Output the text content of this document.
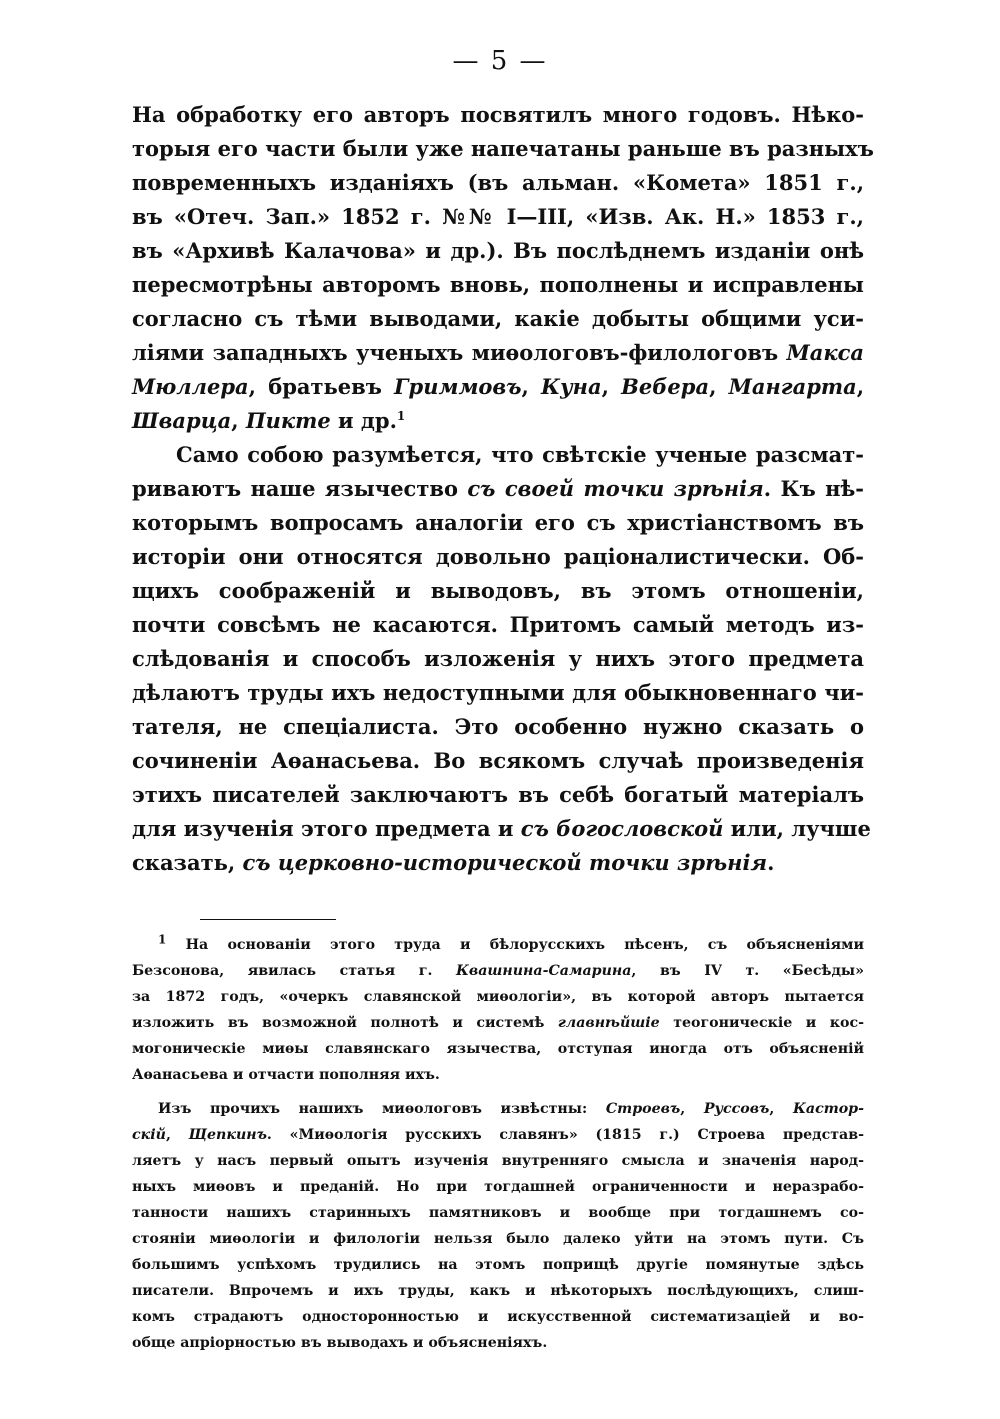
— 5 —
На обработку его авторъ посвятилъ много годовъ. Нѣко-
торыя его части были уже напечатаны раньше въ разныхъ
повременныхъ изданіяхъ (въ альман. «Комета» 1851 г.,
въ «Отеч. Зап.» 1852 г. №№ I—III, «Изв. Ак. Н.» 1853 г.,
въ «Архивѣ Калачова» и др.). Въ послѣднемъ изданіи онѣ
пересмотрѣны авторомъ вновь, пополнены и исправлены
согласно съ тѣми выводами, какіе добыты общими уси-
ліями западныхъ ученыхъ миѳологовъ-филологовъ Макса
Мюллера, братьевъ Гриммовъ, Куна, Вебера, Мангарта,
Шварца, Пикте и др.$^1$
Само собою разумѣется, что свѣтскіе ученые разсмат-
риваютъ наше язычество съ своей точки зрѣнія. Къ нѣ-
которымъ вопросамъ аналогіи его съ христіанствомъ въ
исторіи они относятся довольно раціоналистически. Об-
щихъ соображеній и выводовъ, въ этомъ отношеніи,
почти совсѣмъ не касаются. Притомъ самый методъ из-
слѣдованія и способъ изложенія у нихъ этого предмета
дѣлаютъ труды ихъ недоступными для обыкновеннаго чи-
тателя, не спеціалиста. Это особенно нужно сказать о
сочиненіи Аѳанасьева. Во всякомъ случаѣ произведенія
этихъ писателей заключаютъ въ себѣ богатый матеріалъ
для изученія этого предмета и съ богословской или, лучше
сказать, съ церковно-исторической точки зрѣнія.
$^1$ На основаніи этого труда и бѣлорусскихъ пѣсенъ, съ объясненіями
Безсонова, явилась статья г. Квашнина-Самарина, въ IV т. «Бесѣды»
за 1872 годъ, «очеркъ славянской миѳологіи», въ которой авторъ пытается
изложить въ возможной полнотѣ и системѣ главнѣйшіе теогоническіе и кос-
могоническіе миѳы славянскаго язычества, отступая иногда отъ объясненій
Аѳанасьева и отчасти пополняя ихъ.
Изъ прочихъ нашихъ миѳологовъ извѣстны: Строевъ, Руссовъ, Кастор-
скій, Щепкинъ. «Миѳологія русскихъ славянъ» (1815 г.) Строева представ-
ляетъ у насъ первый опытъ изученія внутренняго смысла и значенія народ-
ныхъ миѳовъ и преданій. Но при тогдашней ограниченности и неразрабо-
танности нашихъ старинныхъ памятниковъ и вообще при тогдашнемъ со-
стояніи миѳологіи и филологіи нельзя было далеко уйти на этомъ пути. Съ
большимъ успѣхомъ трудились на этомъ поприщѣ другіе помянутые здѣсь
писатели. Впрочемъ и ихъ труды, какъ и нѣкоторыхъ послѣдующихъ, слиш-
комъ страдаютъ односторонностью и искусственной систематизаціей и во-
обще апріорностью въ выводахъ и объясненіяхъ.
